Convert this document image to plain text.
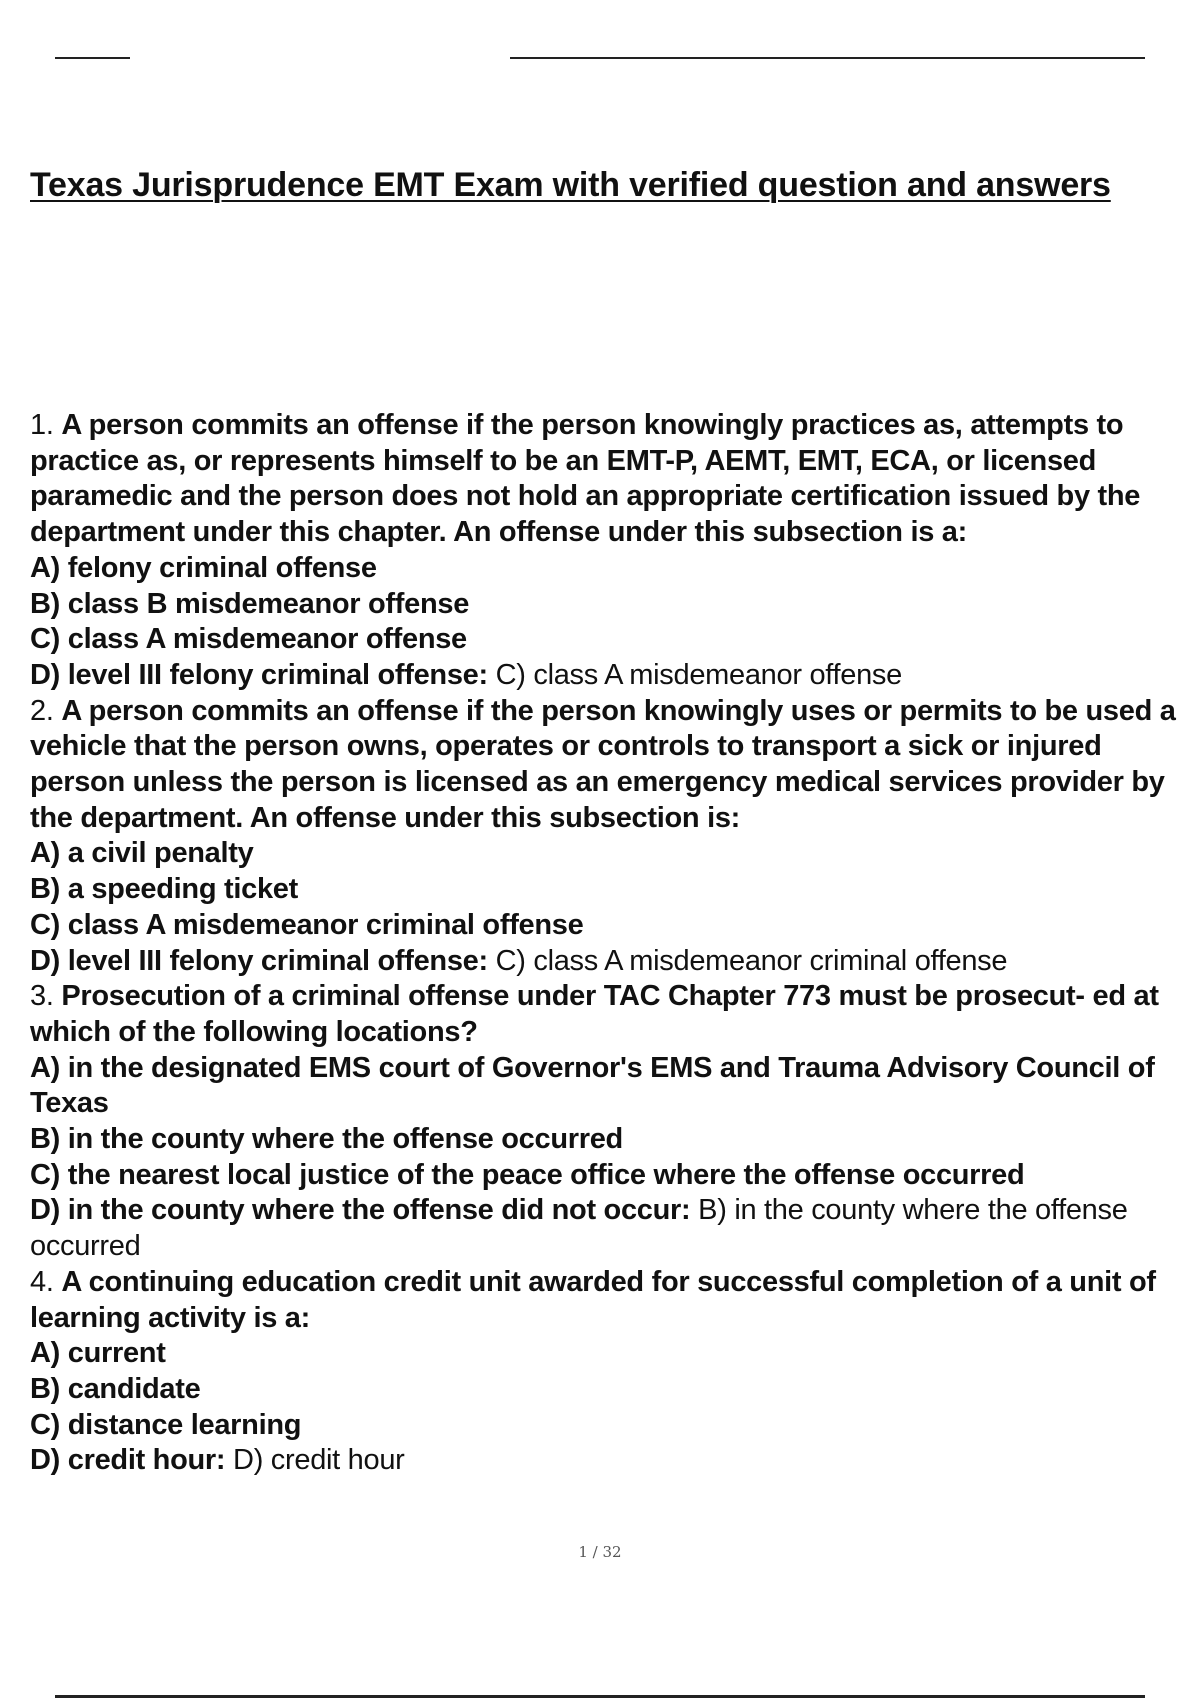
Texas Jurisprudence EMT Exam with verified question and answers

1. A person commits an offense if the person knowingly practices as, attempts to practice as, or represents himself to be an EMT-P, AEMT, EMT, ECA, or licensed paramedic and the person does not hold an appropriate certification issued by the department under this chapter. An offense under this subsection is a:

A) felony criminal offense

B) class B misdemeanor offense

C) class A misdemeanor offense

D) level III felony criminal offense: C) class A misdemeanor offense

2. A person commits an offense if the person knowingly uses or permits to be used a vehicle that the person owns, operates or controls to transport a sick or injured person unless the person is licensed as an emergency medical services provider by the department. An offense under this subsection is:

A) a civil penalty

B) a speeding ticket

C) class A misdemeanor criminal offense

D) level III felony criminal offense: C) class A misdemeanor criminal offense

3. Prosecution of a criminal offense under TAC Chapter 773 must be prosecut- ed at which of the following locations?

A) in the designated EMS court of Governor's EMS and Trauma Advisory Council of Texas

B) in the county where the offense occurred

C) the nearest local justice of the peace office where the offense occurred

D) in the county where the offense did not occur: B) in the county where the offense occurred

4. A continuing education credit unit awarded for successful completion of a unit of learning activity is a:

A) current

B) candidate

C) distance learning

D) credit hour: D) credit hour

1 / 32
